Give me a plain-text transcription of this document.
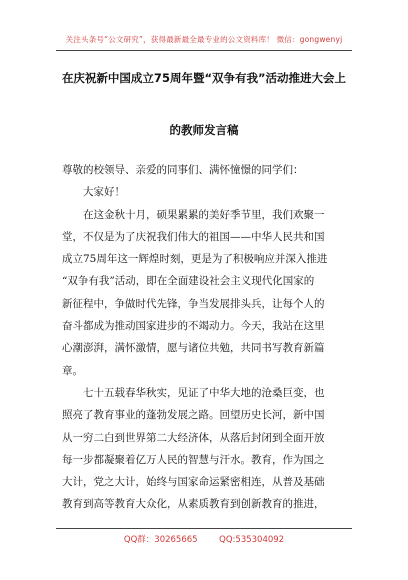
关注头条号“公文研究”，获得最新最全最专业的公文资料库！ 微信：gongwenyj
在庆祝新中国成立75周年暨“双争有我”活动推进大会上
的教师发言稿
尊敬的校领导、亲爱的同事们、满怀憧憬的同学们：
大家好！
在这金秋十月，硕果累累的美好季节里，我们欢聚一
堂，不仅是为了庆祝我们伟大的祖国——中华人民共和国
成立75周年这一辉煌时刻，更是为了积极响应并深入推进
“双争有我”活动，即在全面建设社会主义现代化国家的
新征程中，争做时代先锋，争当发展排头兵，让每个人的
奋斗都成为推动国家进步的不竭动力。今天，我站在这里
心潮澎湃，满怀激情，愿与诸位共勉，共同书写教育新篇
章。
七十五载春华秋实，见证了中华大地的沧桑巨变，也
照亮了教育事业的蓬勃发展之路。回望历史长河，新中国
从一穷二白到世界第二大经济体，从落后封闭到全面开放
每一步都凝聚着亿万人民的智慧与汗水。教育，作为国之
大计，党之大计，始终与国家命运紧密相连，从普及基础
教育到高等教育大众化，从素质教育到创新教育的推进，
QQ群：30265665        QQ:535304092
